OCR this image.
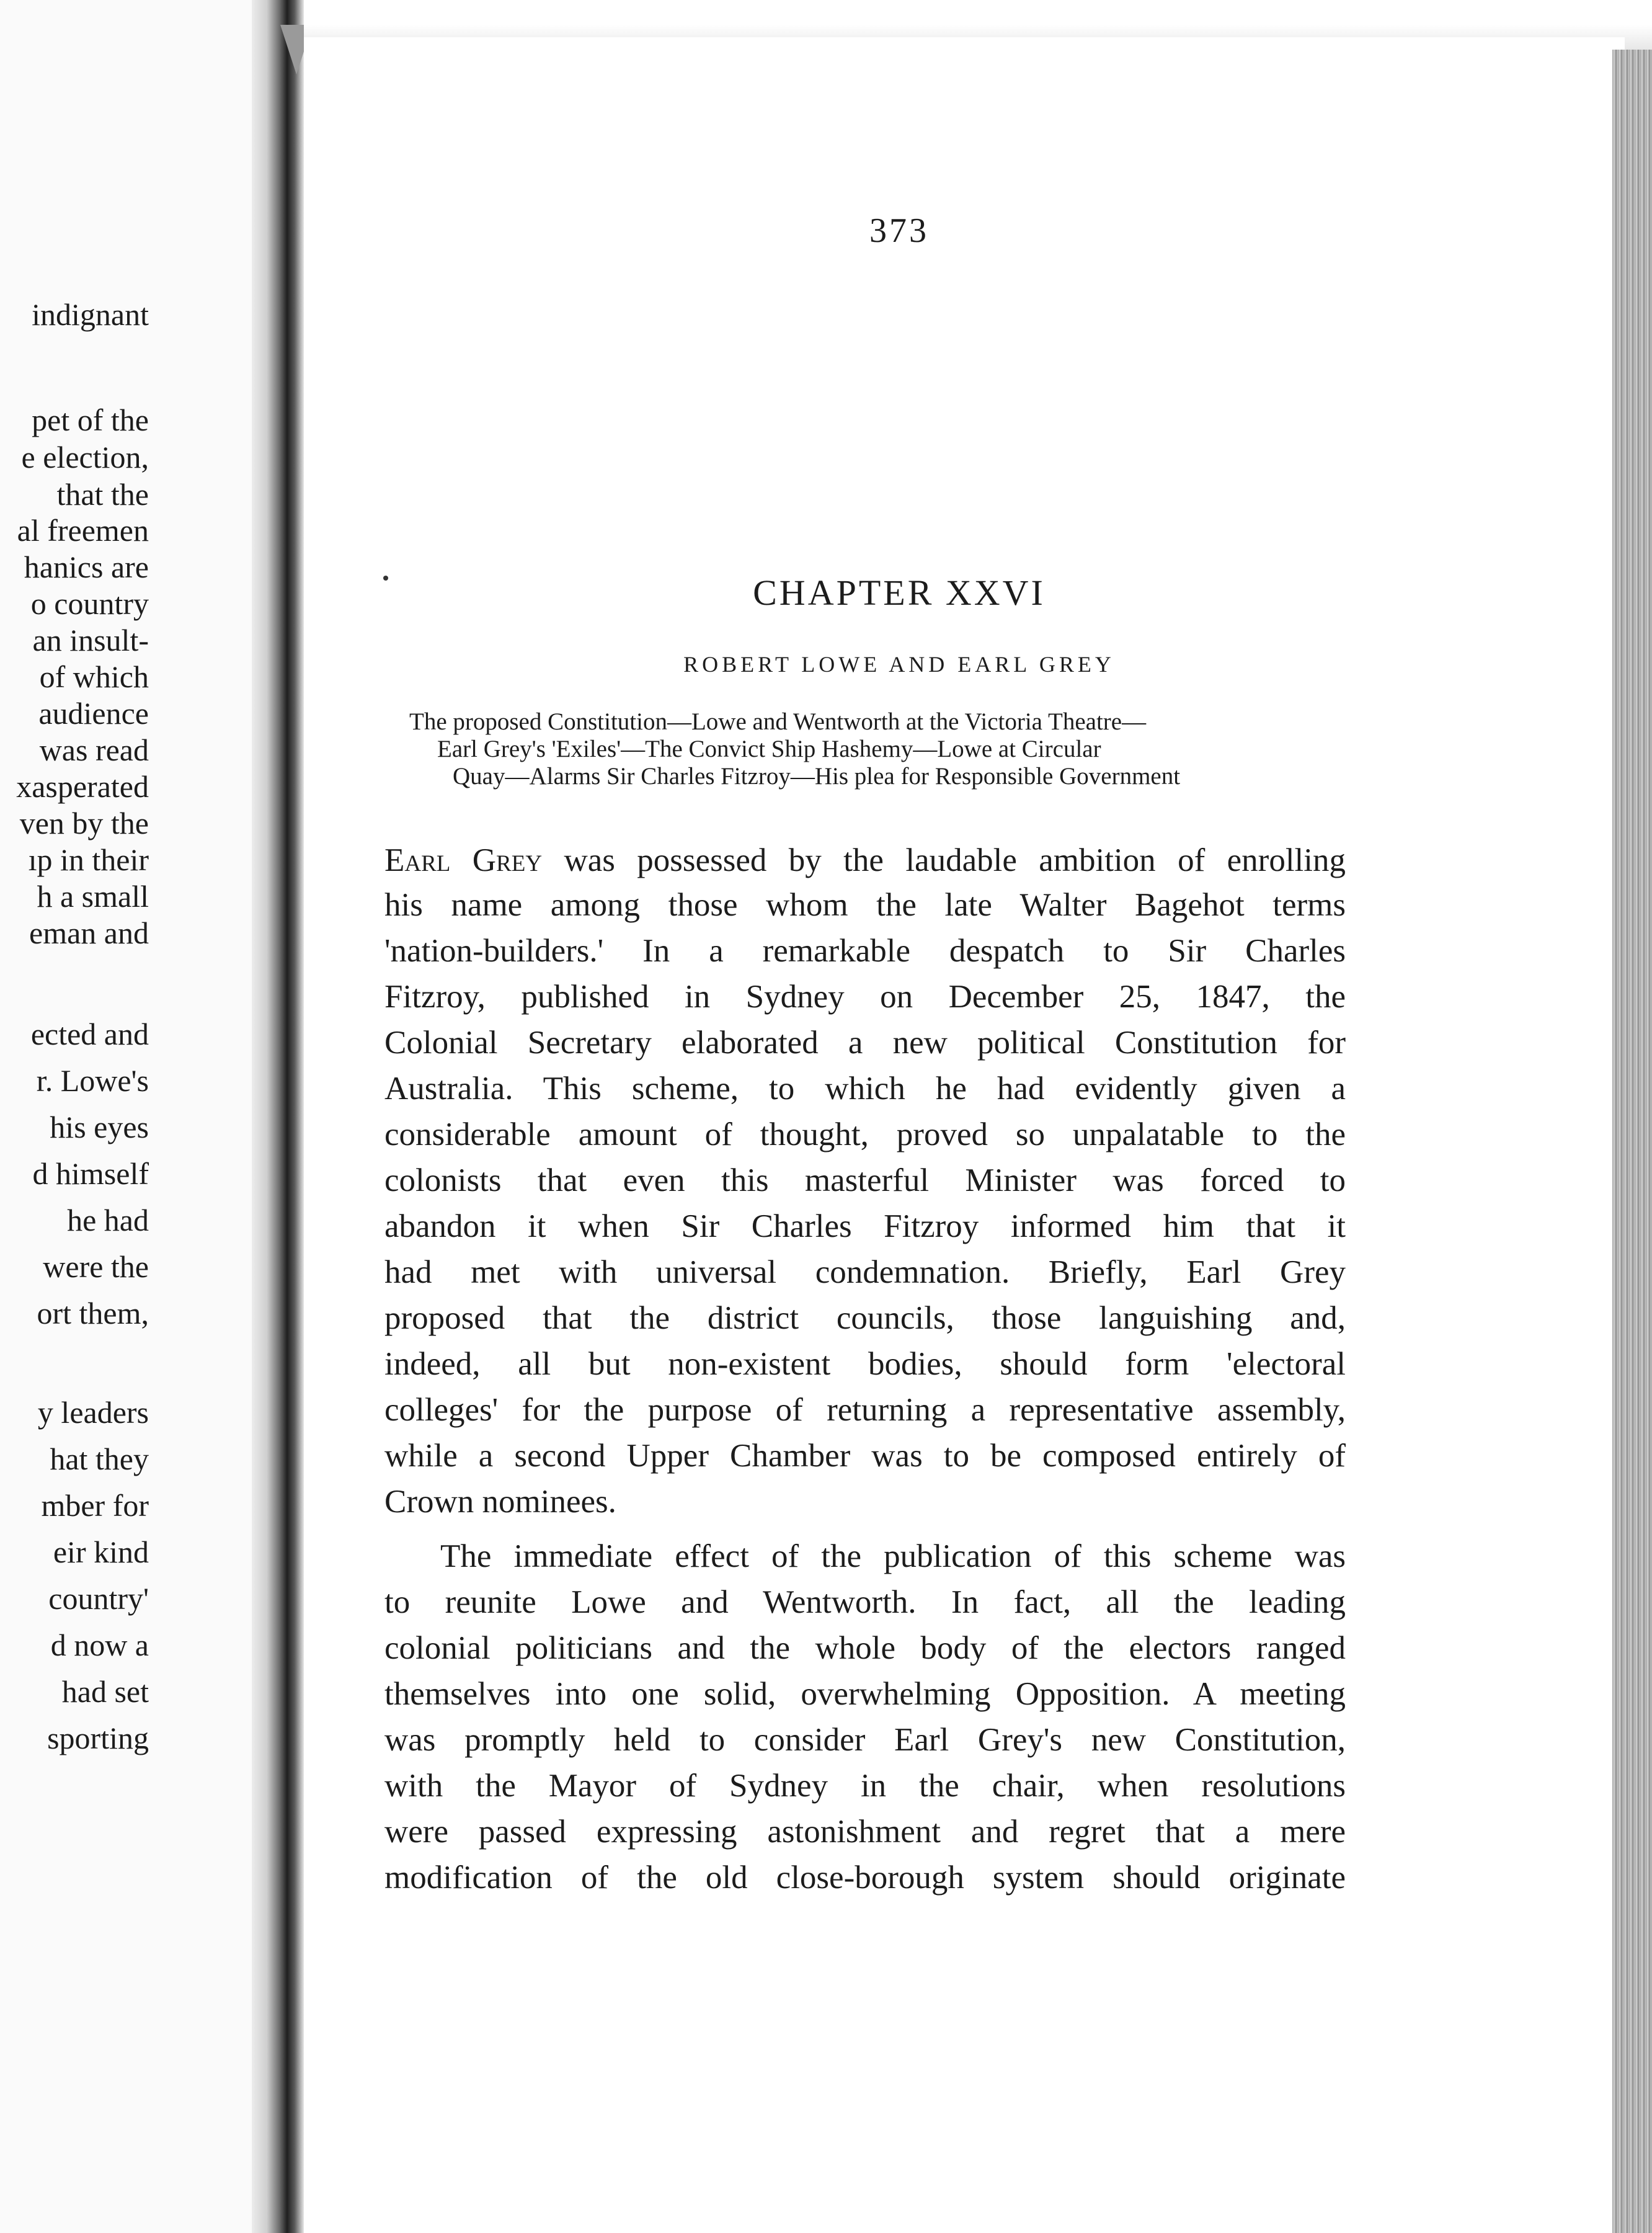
indignant
pet of the
e election,
that the
al freemen
hanics are
o country
an insult-
of which
audience
was read
xasperated
ven by the
ıp in their
h a small
eman and
ected and
r. Lowe's
his eyes
d himself
he had
were the
ort them,
y leaders
hat they
mber for
eir kind
country'
d now a
had set
sporting
373
CHAPTER XXVI
ROBERT LOWE AND EARL GREY
The proposed Constitution—Lowe and Wentworth at the Victoria Theatre—
Earl Grey's 'Exiles'—The Convict Ship Hashemy—Lowe at Circular
Quay—Alarms Sir Charles Fitzroy—His plea for Responsible Government
Earl Grey was possessed by the laudable ambition of enrolling
his name among those whom the late Walter Bagehot terms
'nation-builders.' In a remarkable despatch to Sir Charles
Fitzroy, published in Sydney on December 25, 1847, the
Colonial Secretary elaborated a new political Constitution for
Australia. This scheme, to which he had evidently given a
considerable amount of thought, proved so unpalatable to the
colonists that even this masterful Minister was forced to
abandon it when Sir Charles Fitzroy informed him that it
had met with universal condemnation. Briefly, Earl Grey
proposed that the district councils, those languishing and,
indeed, all but non-existent bodies, should form 'electoral
colleges' for the purpose of returning a representative assembly,
while a second Upper Chamber was to be composed entirely of
Crown nominees.
The immediate effect of the publication of this scheme was
to reunite Lowe and Wentworth. In fact, all the leading
colonial politicians and the whole body of the electors ranged
themselves into one solid, overwhelming Opposition. A meeting
was promptly held to consider Earl Grey's new Constitution,
with the Mayor of Sydney in the chair, when resolutions
were passed expressing astonishment and regret that a mere
modification of the old close-borough system should originate
